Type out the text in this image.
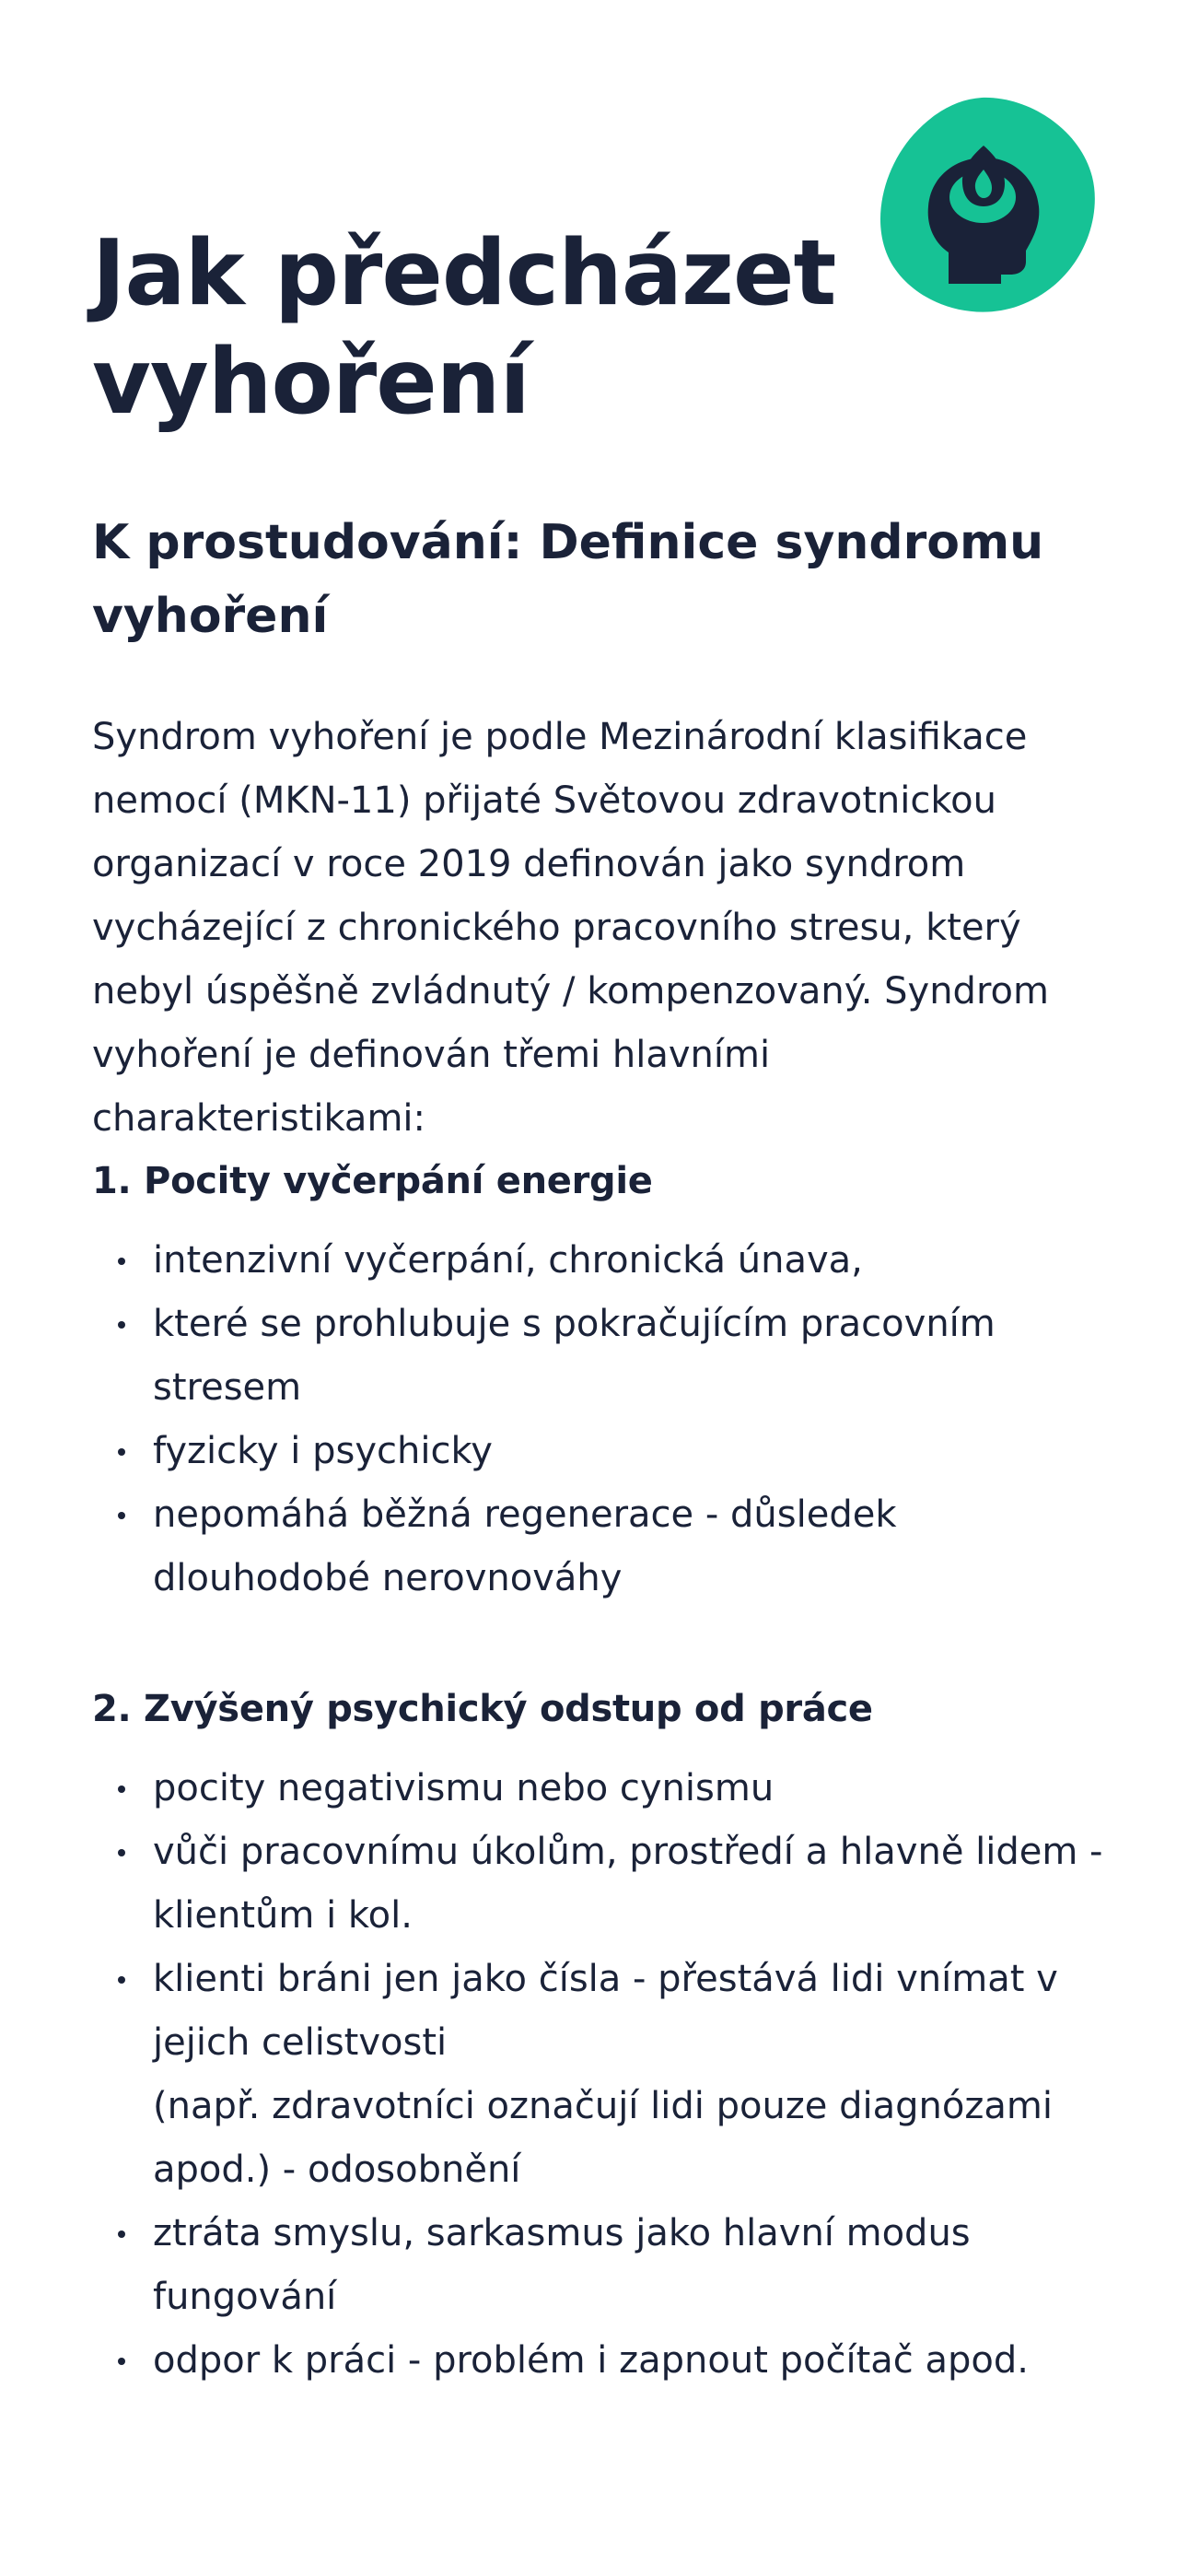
Jak předcházet vyhoření
K prostudování: Definice syndromu vyhoření

Syndrom vyhoření je podle Mezinárodní klasifikace nemocí (MKN-11) přijaté Světovou zdravotnickou organizací v roce 2019 definován jako syndrom vycházející z chronického pracovního stresu, který nebyl úspěšně zvládnutý / kompenzovaný. Syndrom vyhoření je definován třemi hlavními charakteristikami:

1. Pocity vyčerpání energie
intenzivní vyčerpání, chronická únava,
které se prohlubuje s pokračujícím pracovním stresem
fyzicky i psychicky
nepomáhá běžná regenerace - důsledek dlouhodobé nerovnováhy
2. Zvýšený psychický odstup od práce
pocity negativismu nebo cynismu
vůči pracovnímu úkolům, prostředí a hlavně lidem - klientům i kol.
klienti bráni jen jako čísla - přestává lidi vnímat v jejich celistvosti
(např. zdravotníci označují lidi pouze diagnózami apod.) - odosobnění
ztráta smyslu, sarkasmus jako hlavní modus fungování
odpor k práci - problém i zapnout počítač apod.
